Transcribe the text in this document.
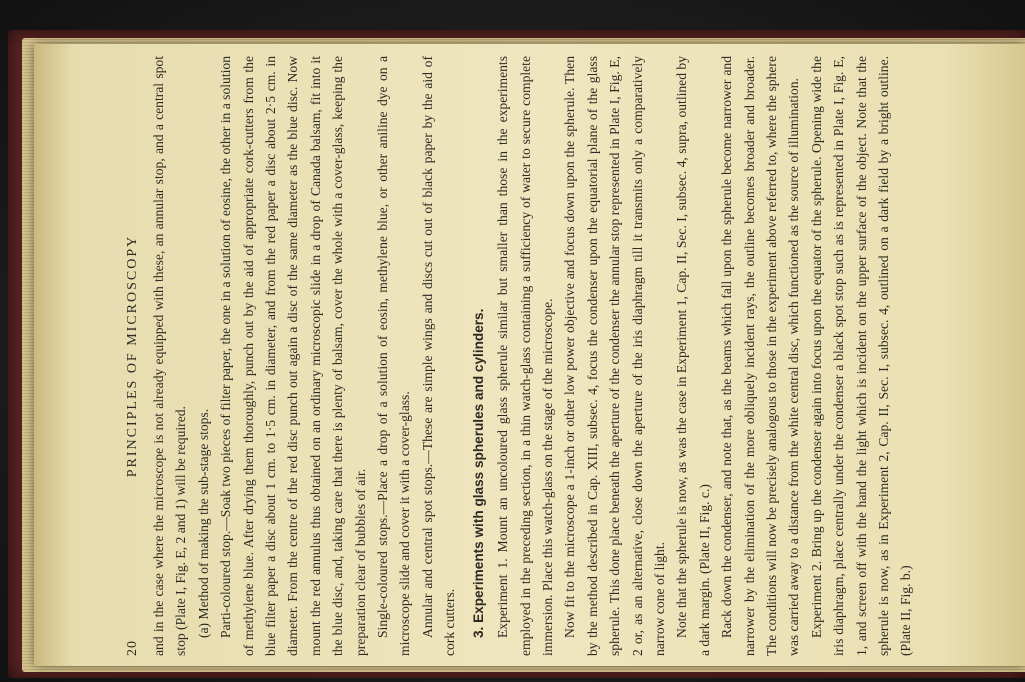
20
PRINCIPLES OF MICROSCOPY and in the case where the microscope is not already equipped with these, an annular stop, and a central spot stop (Plate I, Fig. E, 2 and 1) will be required. (a) Method of making the sub-stage stops. Parti-coloured stop.—Soak two pieces of filter paper, the one in a solution of eosine, the other in a solution of methylene blue. After drying them thoroughly, punch out by the aid of appropriate cork-cutters from the blue filter paper a disc about 1 cm. to 1·5 cm. in diameter, and from the red paper a disc about 2·5 cm. in diameter. From the centre of the red disc punch out again a disc of the same diameter as the blue disc. Now mount the red annulus thus obtained on an ordinary microscopic slide in a drop of Canada balsam, fit into it the blue disc, and, taking care that there is plenty of balsam, cover the whole with a cover-glass, keeping the preparation clear of bubbles of air. Single-coloured stops.—Place a drop of a solution of eosin, methylene blue, or other aniline dye on a microscope slide and cover it with a cover-glass. Annular and central spot stops.—These are simple wings and discs cut out of black paper by the aid of cork cutters. 3. Experiments with glass spherules and cylinders. Experiment 1. Mount an uncoloured glass spherule similar but smaller than those in the experiments employed in the preceding section, in a thin watch-glass containing a sufficiency of water to secure complete immersion. Place this watch-glass on the stage of the microscope. Now fit to the microscope a 1-inch or other low power objective and focus down upon the spherule. Then by the method described in Cap. XIII, subsec. 4, focus the condenser upon the equatorial plane of the glass spherule. This done place beneath the aperture of the condenser the annular stop represented in Plate I, Fig. E, 2 or, as an alternative, close down the aperture of the iris diaphragm till it transmits only a comparatively narrow cone of light. Note that the spherule is now, as was the case in Experiment 1, Cap. II, Sec. I, subsec. 4, supra, outlined by a dark margin. (Plate II, Fig. c.) Rack down the condenser, and note that, as the beams which fall upon the spherule become narrower and narrower by the elimination of the more obliquely incident rays, the outline becomes broader and broader. The conditions will now be precisely analogous to those in the experiment above referred to, where the sphere was carried away to a distance from the white central disc, which functioned as the source of illumination. Experiment 2. Bring up the condenser again into focus upon the equator of the spherule. Opening wide the iris diaphragm, place centrally under the condenser a black spot stop such as is represented in Plate I, Fig. E, 1, and screen off with the hand the light which is incident on the upper surface of the object. Note that the spherule is now, as in Experiment 2, Cap. II, Sec. I, subsec. 4, outlined on a dark field by a bright outline. (Plate II, Fig. b.)
